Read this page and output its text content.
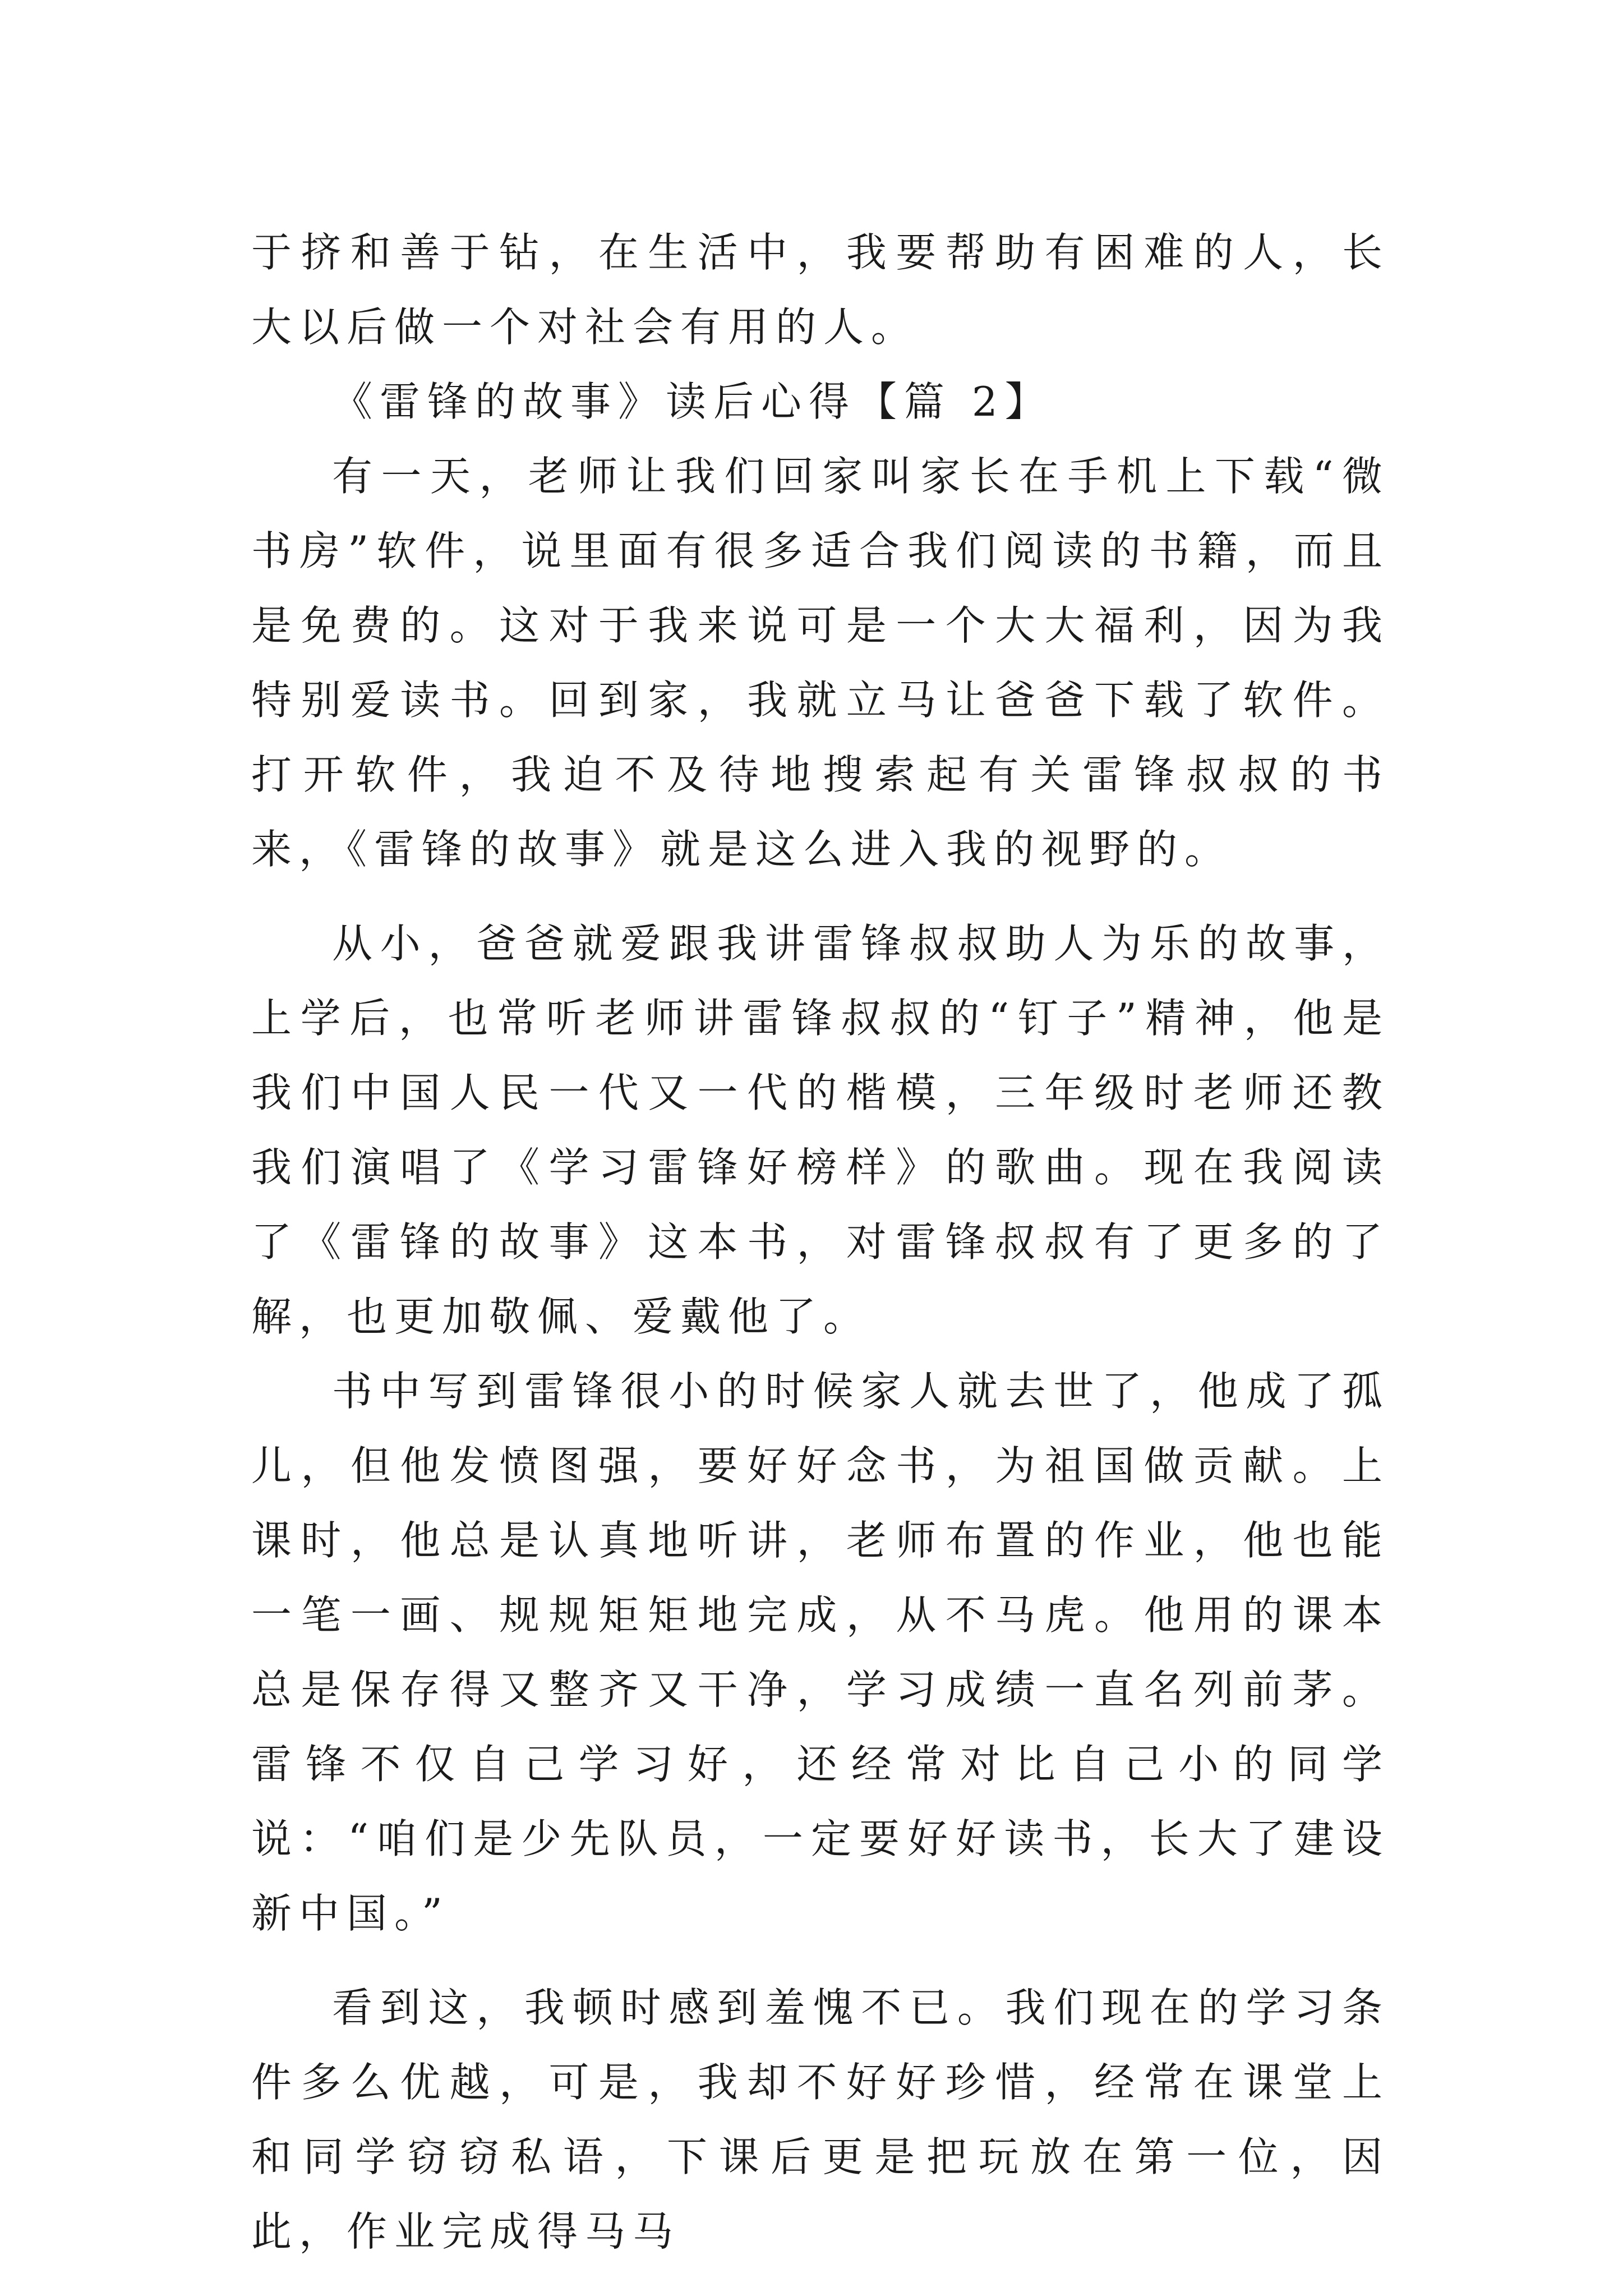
于挤和善于钻，在生活中，我要帮助有困难的人，长大以后做一个对社会有用的人。

《雷锋的故事》读后心得【篇 2】

有一天，老师让我们回家叫家长在手机上下载“微书房”软件，说里面有很多适合我们阅读的书籍，而且是免费的。这对于我来说可是一个大大福利，因为我特别爱读书。回到家，我就立马让爸爸下载了软件。打开软件，我迫不及待地搜索起有关雷锋叔叔的书来，《雷锋的故事》就是这么进入我的视野的。

从小，爸爸就爱跟我讲雷锋叔叔助人为乐的故事，上学后，也常听老师讲雷锋叔叔的“钉子”精神，他是我们中国人民一代又一代的楷模，三年级时老师还教我们演唱了《学习雷锋好榜样》的歌曲。现在我阅读了《雷锋的故事》这本书，对雷锋叔叔有了更多的了解，也更加敬佩、爱戴他了。

书中写到雷锋很小的时候家人就去世了，他成了孤儿，但他发愤图强，要好好念书，为祖国做贡献。上课时，他总是认真地听讲，老师布置的作业，他也能一笔一画、规规矩矩地完成，从不马虎。他用的课本总是保存得又整齐又干净，学习成绩一直名列前茅。雷锋不仅自己学习好，还经常对比自己小的同学说：“咱们是少先队员，一定要好好读书，长大了建设新中国。”

看到这，我顿时感到羞愧不已。我们现在的学习条件多么优越，可是，我却不好好珍惜，经常在课堂上和同学窃窃私语，下课后更是把玩放在第一位，因此，作业完成得马马
